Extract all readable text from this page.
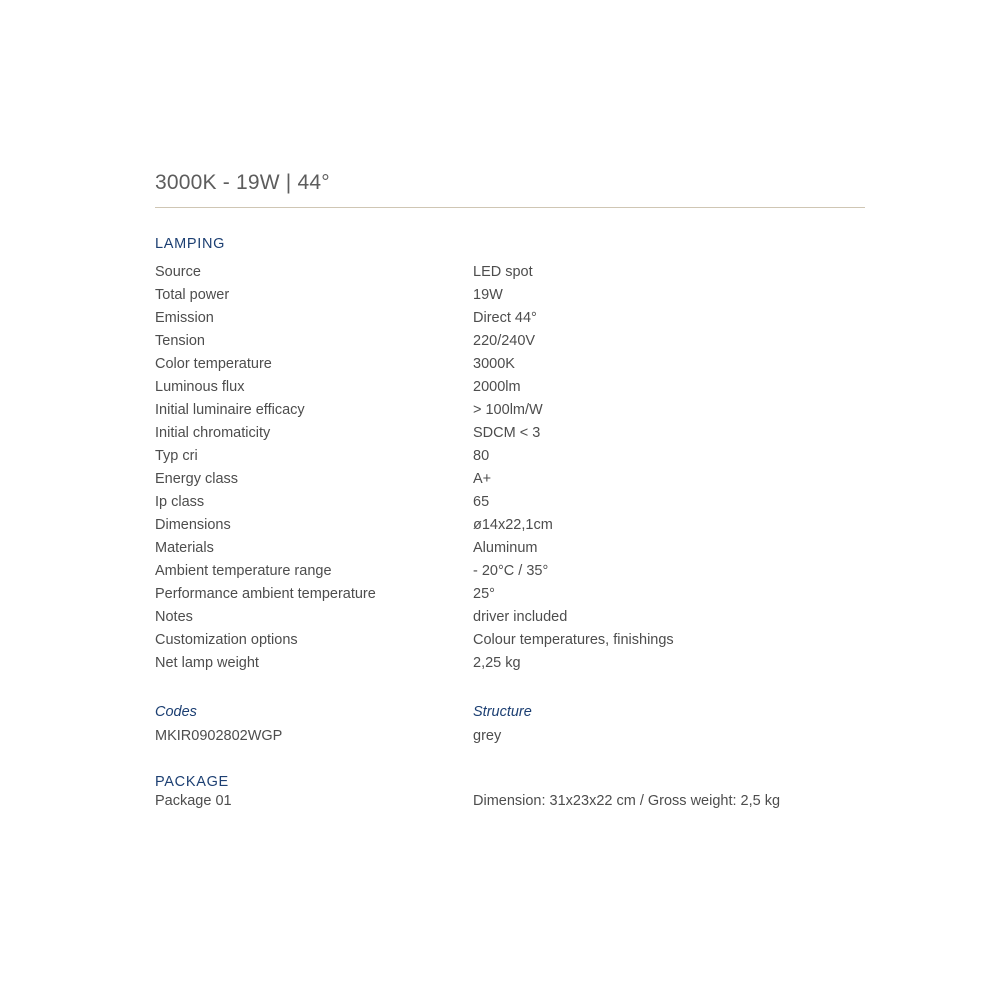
3000K - 19W | 44°
LAMPING
Source	LED spot
Total power	19W
Emission	Direct 44°
Tension	220/240V
Color temperature	3000K
Luminous flux	2000lm
Initial luminaire efficacy	> 100lm/W
Initial chromaticity	SDCM < 3
Typ cri	80
Energy class	A+
Ip class	65
Dimensions	ø14x22,1cm
Materials	Aluminum
Ambient temperature range	- 20°C / 35°
Performance ambient temperature	25°
Notes	driver included
Customization options	Colour temperatures, finishings
Net lamp weight	2,25 kg
Codes	Structure
MKIR0902802WGP	grey
PACKAGE
Package 01	Dimension: 31x23x22 cm / Gross weight: 2,5 kg
